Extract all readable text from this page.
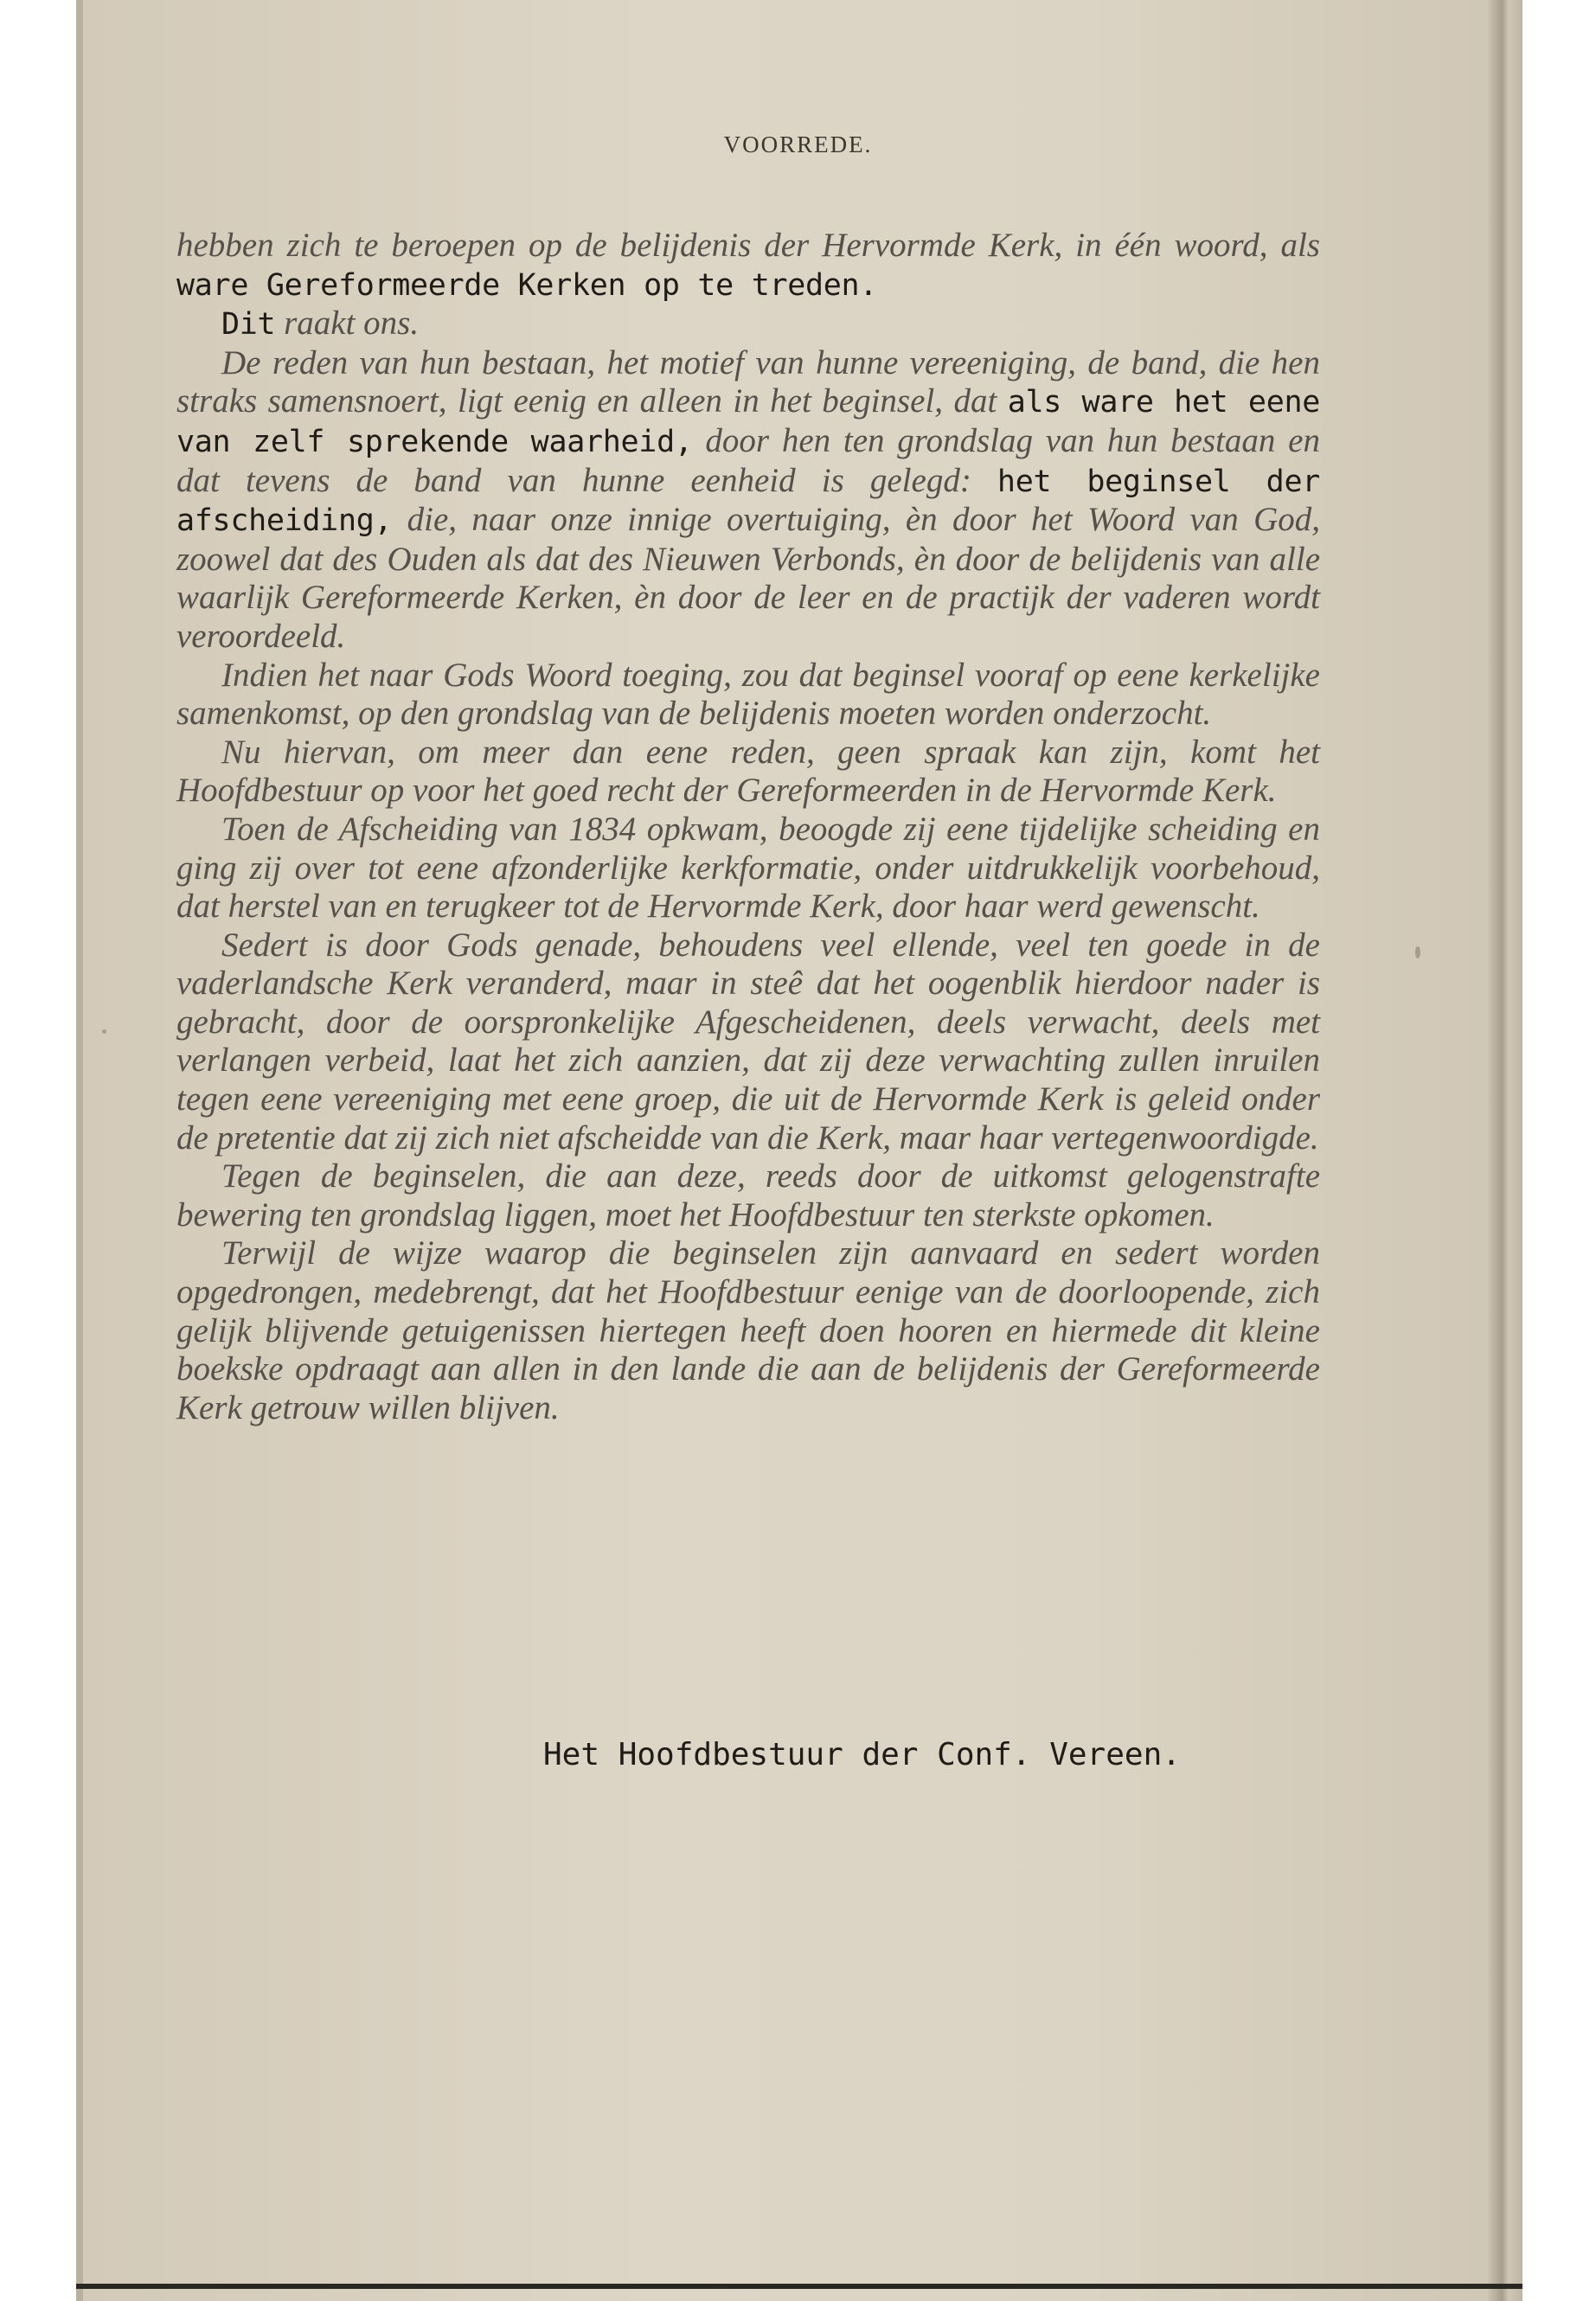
VOORREDE.

hebben zich te beroepen op de belijdenis der Hervormde Kerk, in één woord, als ware Gereformeerde Kerken op te treden.

Dit raakt ons.

De reden van hun bestaan, het motief van hunne vereeniging, de band, die hen straks samensnoert, ligt eenig en alleen in het beginsel, dat als ware het eene van zelf sprekende waarheid, door hen ten grondslag van hun bestaan en dat tevens de band van hunne eenheid is gelegd: het beginsel der afscheiding, die, naar onze innige overtuiging, èn door het Woord van God, zoowel dat des Ouden als dat des Nieuwen Verbonds, èn door de belijdenis van alle waarlijk Gereformeerde Kerken, èn door de leer en de practijk der vaderen wordt veroordeeld.

Indien het naar Gods Woord toeging, zou dat beginsel vooraf op eene kerkelijke samenkomst, op den grondslag van de belijdenis moeten worden onderzocht.

Nu hiervan, om meer dan eene reden, geen spraak kan zijn, komt het Hoofdbestuur op voor het goed recht der Gereformeerden in de Hervormde Kerk.

Toen de Afscheiding van 1834 opkwam, beoogde zij eene tijdelijke scheiding en ging zij over tot eene afzonderlijke kerkformatie, onder uitdrukkelijk voorbehoud, dat herstel van en terugkeer tot de Hervormde Kerk, door haar werd gewenscht.

Sedert is door Gods genade, behoudens veel ellende, veel ten goede in de vaderlandsche Kerk veranderd, maar in steê dat het oogenblik hierdoor nader is gebracht, door de oorspronkelijke Afgescheidenen, deels verwacht, deels met verlangen verbeid, laat het zich aanzien, dat zij deze verwachting zullen inruilen tegen eene vereeniging met eene groep, die uit de Hervormde Kerk is geleid onder de pretentie dat zij zich niet afscheidde van die Kerk, maar haar vertegenwoordigde.

Tegen de beginselen, die aan deze, reeds door de uitkomst gelogenstrafte bewering ten grondslag liggen, moet het Hoofdbestuur ten sterkste opkomen.

Terwijl de wijze waarop die beginselen zijn aanvaard en sedert worden opgedrongen, medebrengt, dat het Hoofdbestuur eenige van de doorloopende, zich gelijk blijvende getuigenissen hiertegen heeft doen hooren en hiermede dit kleine boekske opdraagt aan allen in den lande die aan de belijdenis der Gereformeerde Kerk getrouw willen blijven.

Het Hoofdbestuur der Conf. Vereen.
